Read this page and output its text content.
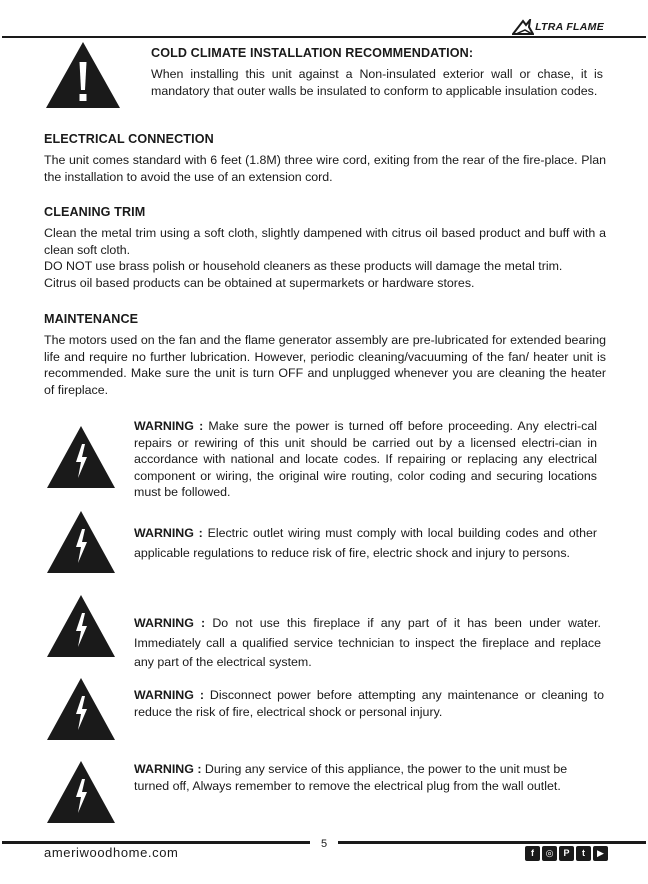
LTRA FLAME
COLD CLIMATE INSTALLATION RECOMMENDATION:
When installing this unit against a Non-insulated exterior wall or chase, it is mandatory that outer walls be insulated to conform to applicable insulation codes.
ELECTRICAL CONNECTION
The unit comes standard with 6 feet (1.8M) three wire cord, exiting from the rear of the fire-place. Plan the installation to avoid the use of an extension cord.
CLEANING TRIM

Clean the metal trim using a soft cloth, slightly dampened with citrus oil based product and buff with a clean soft cloth.

DO NOT use brass polish or household cleaners as these products will damage the metal trim.

Citrus oil based products can be obtained at supermarkets or hardware stores.

MAINTENANCE
The motors used on the fan and the flame generator assembly are pre-lubricated for extended bearing life and require no further lubrication. However, periodic cleaning/vacuuming of the fan/ heater unit is recommended. Make sure the unit is turn OFF and unplugged whenever you are cleaning the heater of fireplace.
WARNING : Make sure the power is turned off before proceeding. Any electri-cal repairs or rewiring of this unit should be carried out by a licensed electri-cian in accordance with national and locate codes. If repairing or replacing any electrical component or wiring, the original wire routing, color coding and securing locations must be followed.
WARNING : Electric outlet wiring must comply with local building codes and other applicable regulations to reduce risk of fire, electric shock and injury to persons.
WARNING : Do not use this fireplace if any part of it has been under water. Immediately call a qualified service technician to inspect the fireplace and replace any part of the electrical system.
WARNING : Disconnect power before attempting any maintenance or cleaning to reduce the risk of fire, electrical shock or personal injury.
WARNING : During any service of this appliance, the power to the unit must be turned off, Always remember to remove the electrical plug from the wall outlet.
5
ameriwoodhome.com	f	◎	P	t	▶
